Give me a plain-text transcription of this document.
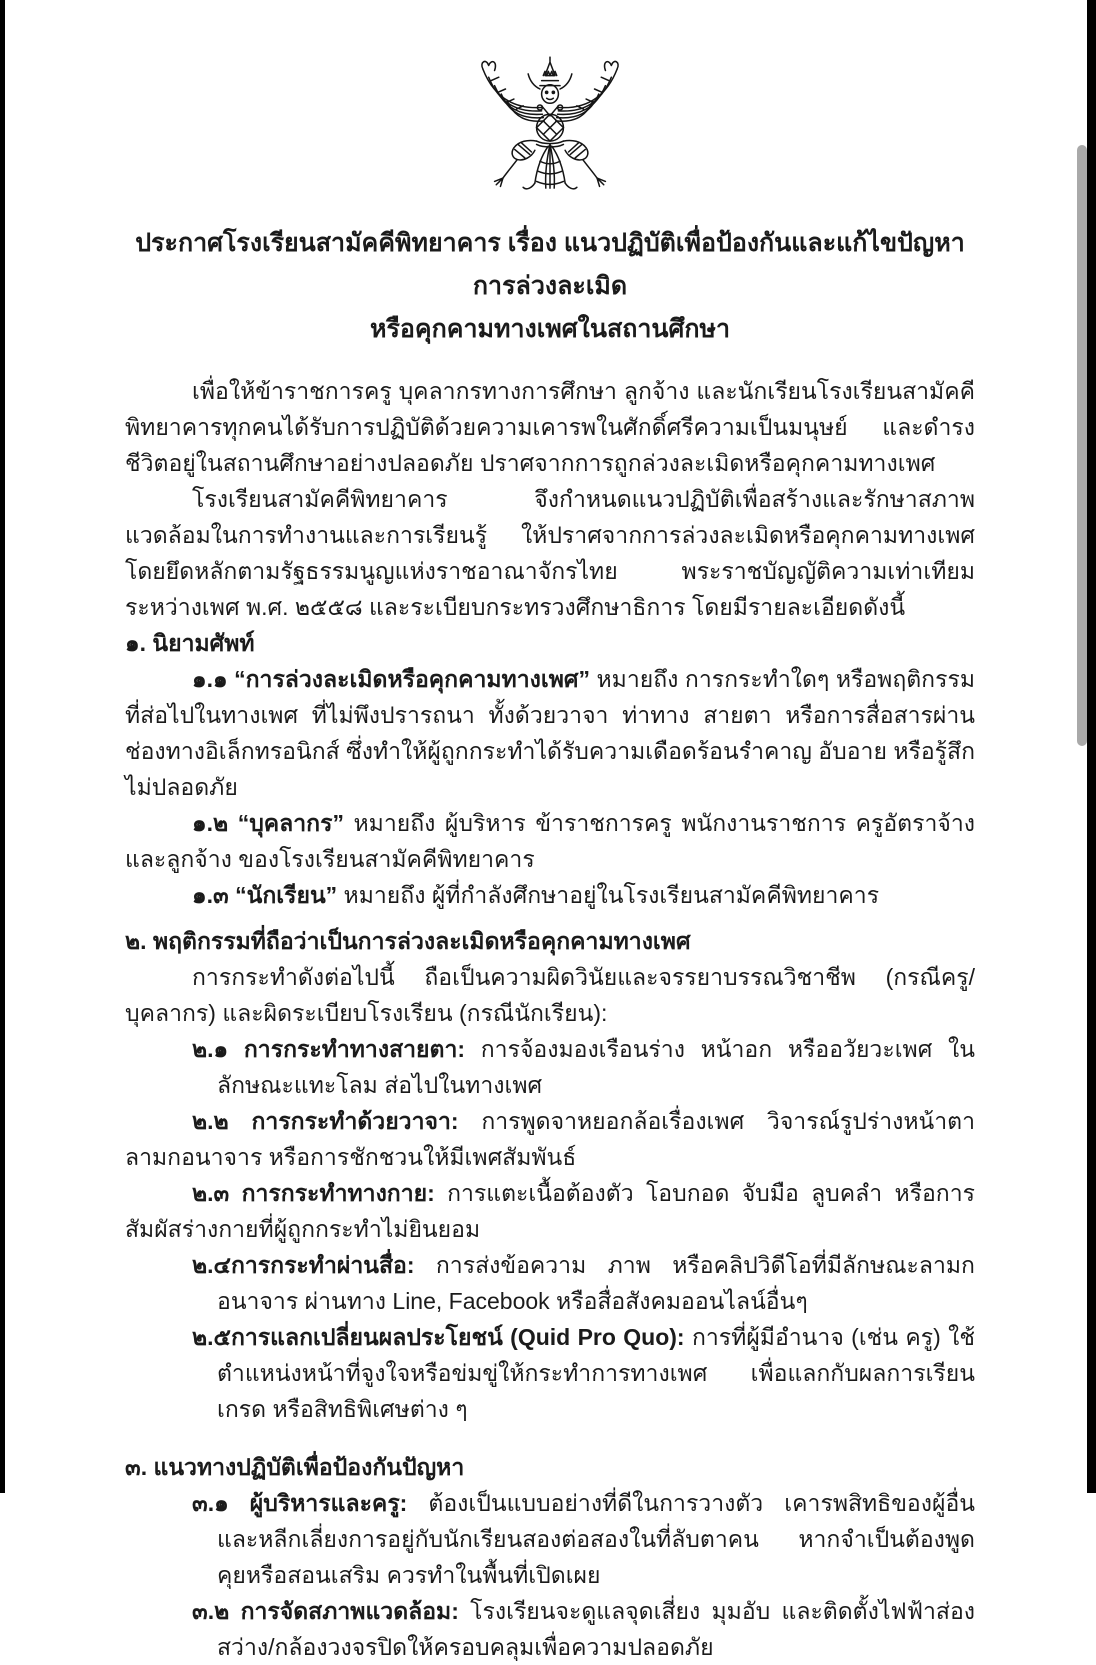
ประกาศโรงเรียนสามัคคีพิทยาคาร เรื่อง แนวปฏิบัติเพื่อป้องกันและแก้ไขปัญหาการล่วงละเมิด
หรือคุกคามทางเพศในสถานศึกษา

เพื่อให้ข้าราชการครู บุคลากรทางการศึกษา ลูกจ้าง และนักเรียนโรงเรียนสามัคคีพิทยาคารทุกคนได้รับการปฏิบัติด้วยความเคารพในศักดิ์ศรีความเป็นมนุษย์ และดำรงชีวิตอยู่ในสถานศึกษาอย่างปลอดภัย ปราศจากการถูกล่วงละเมิดหรือคุกคามทางเพศ

โรงเรียนสามัคคีพิทยาคาร จึงกำหนดแนวปฏิบัติเพื่อสร้างและรักษาสภาพแวดล้อมในการทำงานและการเรียนรู้ ให้ปราศจากการล่วงละเมิดหรือคุกคามทางเพศ โดยยึดหลักตามรัฐธรรมนูญแห่งราชอาณาจักรไทย พระราชบัญญัติความเท่าเทียมระหว่างเพศ พ.ศ. ๒๕๕๘ และระเบียบกระทรวงศึกษาธิการ โดยมีรายละเอียดดังนี้

๑. นิยามศัพท์

๑.๑ “การล่วงละเมิดหรือคุกคามทางเพศ” หมายถึง การกระทำใดๆ หรือพฤติกรรมที่ส่อไปในทางเพศ ที่ไม่พึงปรารถนา ทั้งด้วยวาจา ท่าทาง สายตา หรือการสื่อสารผ่านช่องทางอิเล็กทรอนิกส์ ซึ่งทำให้ผู้ถูกกระทำได้รับความเดือดร้อนรำคาญ อับอาย หรือรู้สึกไม่ปลอดภัย

๑.๒ “บุคลากร” หมายถึง ผู้บริหาร ข้าราชการครู พนักงานราชการ ครูอัตราจ้าง และลูกจ้าง ของโรงเรียนสามัคคีพิทยาคาร

๑.๓ “นักเรียน” หมายถึง ผู้ที่กำลังศึกษาอยู่ในโรงเรียนสามัคคีพิทยาคาร

๒. พฤติกรรมที่ถือว่าเป็นการล่วงละเมิดหรือคุกคามทางเพศ

การกระทำดังต่อไปนี้ ถือเป็นความผิดวินัยและจรรยาบรรณวิชาชีพ (กรณีครู/บุคลากร) และผิดระเบียบโรงเรียน (กรณีนักเรียน):

๒.๑ การกระทำทางสายตา: การจ้องมองเรือนร่าง หน้าอก หรืออวัยวะเพศ ในลักษณะแทะโลม ส่อไปในทางเพศ

๒.๒ การกระทำด้วยวาจา: การพูดจาหยอกล้อเรื่องเพศ วิจารณ์รูปร่างหน้าตา ลามกอนาจาร หรือการชักชวนให้มีเพศสัมพันธ์

๒.๓ การกระทำทางกาย: การแตะเนื้อต้องตัว โอบกอด จับมือ ลูบคลำ หรือการสัมผัสร่างกายที่ผู้ถูกกระทำไม่ยินยอม

๒.๔การกระทำผ่านสื่อ: การส่งข้อความ ภาพ หรือคลิปวิดีโอที่มีลักษณะลามกอนาจาร ผ่านทาง Line, Facebook หรือสื่อสังคมออนไลน์อื่นๆ

๒.๕การแลกเปลี่ยนผลประโยชน์ (Quid Pro Quo): การที่ผู้มีอำนาจ (เช่น ครู) ใช้ตำแหน่งหน้าที่จูงใจหรือข่มขู่ให้กระทำการทางเพศ เพื่อแลกกับผลการเรียน เกรด หรือสิทธิพิเศษต่าง ๆ

๓. แนวทางปฏิบัติเพื่อป้องกันปัญหา

๓.๑ ผู้บริหารและครู: ต้องเป็นแบบอย่างที่ดีในการวางตัว เคารพสิทธิของผู้อื่น และหลีกเลี่ยงการอยู่กับนักเรียนสองต่อสองในที่ลับตาคน หากจำเป็นต้องพูดคุยหรือสอนเสริม ควรทำในพื้นที่เปิดเผย

๓.๒ การจัดสภาพแวดล้อม: โรงเรียนจะดูแลจุดเสี่ยง มุมอับ และติดตั้งไฟฟ้าส่องสว่าง/กล้องวงจรปิดให้ครอบคลุมเพื่อความปลอดภัย
